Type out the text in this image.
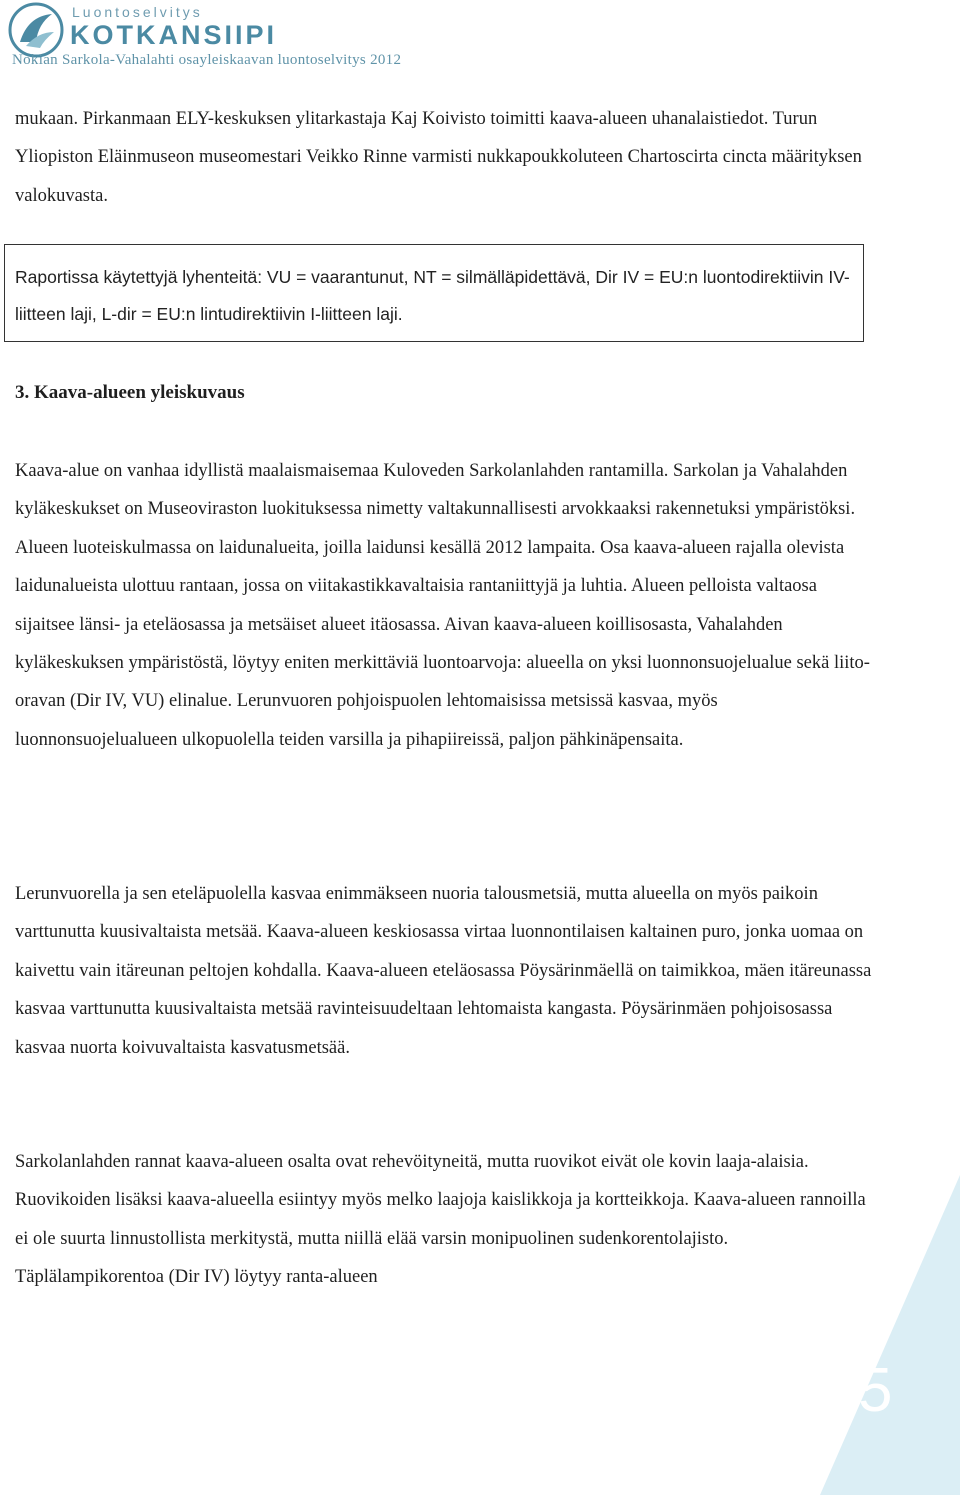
Luontoselvitys
KOTKANSIIPI
Nokian Sarkola-Vahalahti osayleiskaavan luontoselvitys 2012

mukaan. Pirkanmaan ELY-keskuksen ylitarkastaja Kaj Koivisto toimitti kaava-alueen uhanalaistiedot. Turun Yliopiston Eläinmuseon museomestari Veikko Rinne varmisti nukkapoukkoluteen Chartoscirta cincta määrityksen valokuvasta.

Raportissa käytettyjä lyhenteitä: VU = vaarantunut, NT = silmälläpidettävä, Dir IV = EU:n luontodirektiivin IV-liitteen laji, L-dir = EU:n lintudirektiivin I-liitteen laji.

3. Kaava-alueen yleiskuvaus

Kaava-alue on vanhaa idyllistä maalaismaisemaa Kuloveden Sarkolanlahden rantamilla. Sarkolan ja Vahalahden kyläkeskukset on Museoviraston luokituksessa nimetty valtakunnallisesti arvokkaaksi rakennetuksi ympäristöksi. Alueen luoteiskulmassa on laidunalueita, joilla laidunsi kesällä 2012 lampaita. Osa kaava-alueen rajalla olevista laidunalueista ulottuu rantaan, jossa on viitakastikkavaltaisia rantaniittyjä ja luhtia. Alueen pelloista valtaosa sijaitsee länsi- ja eteläosassa ja metsäiset alueet itäosassa. Aivan kaava-alueen koillisosasta, Vahalahden kyläkeskuksen ympäristöstä, löytyy eniten merkittäviä luontoarvoja: alueella on yksi luonnonsuojelualue sekä liito-oravan (Dir IV, VU) elinalue. Lerunvuoren pohjoispuolen lehtomaisissa metsissä kasvaa, myös luonnonsuojelualueen ulkopuolella teiden varsilla ja pihapiireissä, paljon pähkinäpensaita.

Lerunvuorella ja sen eteläpuolella kasvaa enimmäkseen nuoria talousmetsiä, mutta alueella on myös paikoin varttunutta kuusivaltaista metsää. Kaava-alueen keskiosassa virtaa luonnontilaisen kaltainen puro, jonka uomaa on kaivettu vain itäreunan peltojen kohdalla. Kaava-alueen eteläosassa Pöysärinmäellä on taimikkoa, mäen itäreunassa kasvaa varttunutta kuusivaltaista metsää ravinteisuudeltaan lehtomaista kangasta. Pöysärinmäen pohjoisosassa kasvaa nuorta koivuvaltaista kasvatusmetsää.

Sarkolanlahden rannat kaava-alueen osalta ovat rehevöityneitä, mutta ruovikot eivät ole kovin laaja-alaisia. Ruovikoiden lisäksi kaava-alueella esiintyy myös melko laajoja kaislikkoja ja kortteikkoja. Kaava-alueen rannoilla ei ole suurta linnustollista merkitystä, mutta niillä elää varsin monipuolinen sudenkorentolajisto. Täplälampikorentoa (Dir IV) löytyy ranta-alueen

5
